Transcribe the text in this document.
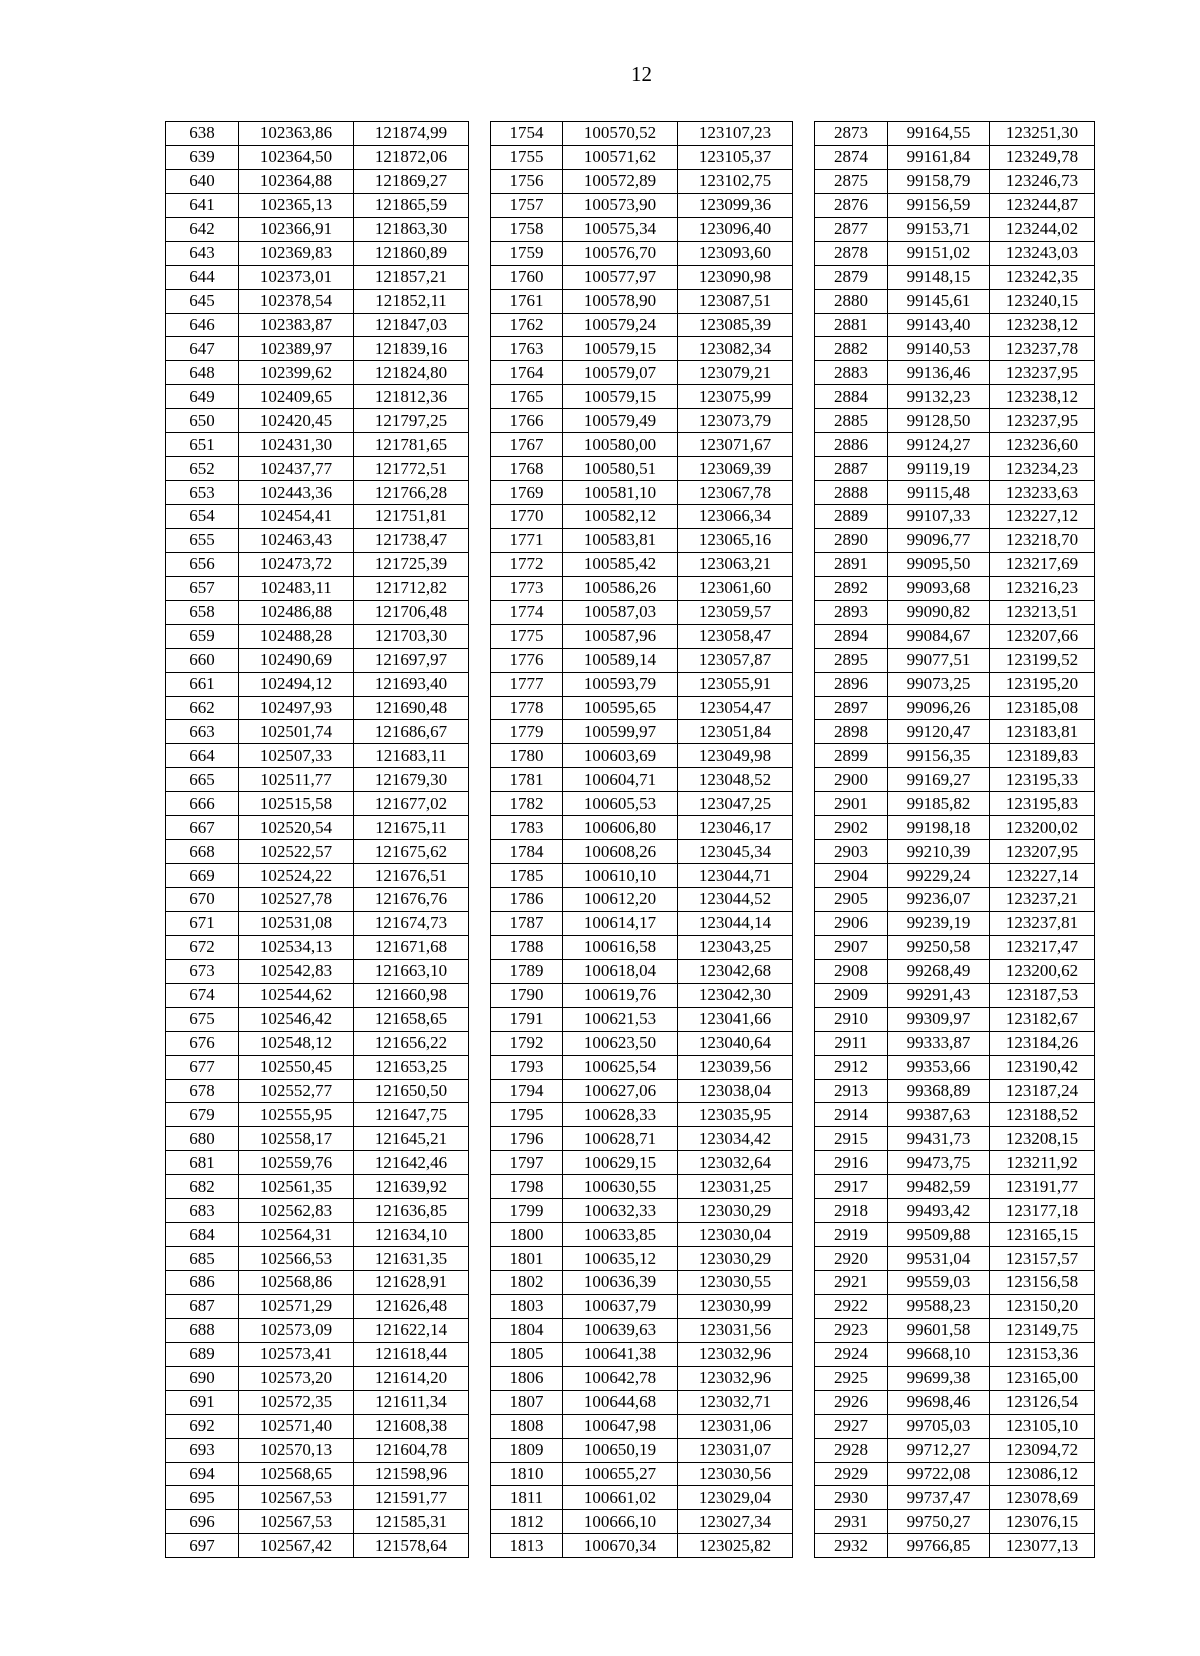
12
638	102363,86	121874,99		1754	100570,52	123107,23		2873	99164,55	123251,30
639	102364,50	121872,06		1755	100571,62	123105,37		2874	99161,84	123249,78
640	102364,88	121869,27		1756	100572,89	123102,75		2875	99158,79	123246,73
641	102365,13	121865,59		1757	100573,90	123099,36		2876	99156,59	123244,87
642	102366,91	121863,30		1758	100575,34	123096,40		2877	99153,71	123244,02
643	102369,83	121860,89		1759	100576,70	123093,60		2878	99151,02	123243,03
644	102373,01	121857,21		1760	100577,97	123090,98		2879	99148,15	123242,35
645	102378,54	121852,11		1761	100578,90	123087,51		2880	99145,61	123240,15
646	102383,87	121847,03		1762	100579,24	123085,39		2881	99143,40	123238,12
647	102389,97	121839,16		1763	100579,15	123082,34		2882	99140,53	123237,78
648	102399,62	121824,80		1764	100579,07	123079,21		2883	99136,46	123237,95
649	102409,65	121812,36		1765	100579,15	123075,99		2884	99132,23	123238,12
650	102420,45	121797,25		1766	100579,49	123073,79		2885	99128,50	123237,95
651	102431,30	121781,65		1767	100580,00	123071,67		2886	99124,27	123236,60
652	102437,77	121772,51		1768	100580,51	123069,39		2887	99119,19	123234,23
653	102443,36	121766,28		1769	100581,10	123067,78		2888	99115,48	123233,63
654	102454,41	121751,81		1770	100582,12	123066,34		2889	99107,33	123227,12
655	102463,43	121738,47		1771	100583,81	123065,16		2890	99096,77	123218,70
656	102473,72	121725,39		1772	100585,42	123063,21		2891	99095,50	123217,69
657	102483,11	121712,82		1773	100586,26	123061,60		2892	99093,68	123216,23
658	102486,88	121706,48		1774	100587,03	123059,57		2893	99090,82	123213,51
659	102488,28	121703,30		1775	100587,96	123058,47		2894	99084,67	123207,66
660	102490,69	121697,97		1776	100589,14	123057,87		2895	99077,51	123199,52
661	102494,12	121693,40		1777	100593,79	123055,91		2896	99073,25	123195,20
662	102497,93	121690,48		1778	100595,65	123054,47		2897	99096,26	123185,08
663	102501,74	121686,67		1779	100599,97	123051,84		2898	99120,47	123183,81
664	102507,33	121683,11		1780	100603,69	123049,98		2899	99156,35	123189,83
665	102511,77	121679,30		1781	100604,71	123048,52		2900	99169,27	123195,33
666	102515,58	121677,02		1782	100605,53	123047,25		2901	99185,82	123195,83
667	102520,54	121675,11		1783	100606,80	123046,17		2902	99198,18	123200,02
668	102522,57	121675,62		1784	100608,26	123045,34		2903	99210,39	123207,95
669	102524,22	121676,51		1785	100610,10	123044,71		2904	99229,24	123227,14
670	102527,78	121676,76		1786	100612,20	123044,52		2905	99236,07	123237,21
671	102531,08	121674,73		1787	100614,17	123044,14		2906	99239,19	123237,81
672	102534,13	121671,68		1788	100616,58	123043,25		2907	99250,58	123217,47
673	102542,83	121663,10		1789	100618,04	123042,68		2908	99268,49	123200,62
674	102544,62	121660,98		1790	100619,76	123042,30		2909	99291,43	123187,53
675	102546,42	121658,65		1791	100621,53	123041,66		2910	99309,97	123182,67
676	102548,12	121656,22		1792	100623,50	123040,64		2911	99333,87	123184,26
677	102550,45	121653,25		1793	100625,54	123039,56		2912	99353,66	123190,42
678	102552,77	121650,50		1794	100627,06	123038,04		2913	99368,89	123187,24
679	102555,95	121647,75		1795	100628,33	123035,95		2914	99387,63	123188,52
680	102558,17	121645,21		1796	100628,71	123034,42		2915	99431,73	123208,15
681	102559,76	121642,46		1797	100629,15	123032,64		2916	99473,75	123211,92
682	102561,35	121639,92		1798	100630,55	123031,25		2917	99482,59	123191,77
683	102562,83	121636,85		1799	100632,33	123030,29		2918	99493,42	123177,18
684	102564,31	121634,10		1800	100633,85	123030,04		2919	99509,88	123165,15
685	102566,53	121631,35		1801	100635,12	123030,29		2920	99531,04	123157,57
686	102568,86	121628,91		1802	100636,39	123030,55		2921	99559,03	123156,58
687	102571,29	121626,48		1803	100637,79	123030,99		2922	99588,23	123150,20
688	102573,09	121622,14		1804	100639,63	123031,56		2923	99601,58	123149,75
689	102573,41	121618,44		1805	100641,38	123032,96		2924	99668,10	123153,36
690	102573,20	121614,20		1806	100642,78	123032,96		2925	99699,38	123165,00
691	102572,35	121611,34		1807	100644,68	123032,71		2926	99698,46	123126,54
692	102571,40	121608,38		1808	100647,98	123031,06		2927	99705,03	123105,10
693	102570,13	121604,78		1809	100650,19	123031,07		2928	99712,27	123094,72
694	102568,65	121598,96		1810	100655,27	123030,56		2929	99722,08	123086,12
695	102567,53	121591,77		1811	100661,02	123029,04		2930	99737,47	123078,69
696	102567,53	121585,31		1812	100666,10	123027,34		2931	99750,27	123076,15
697	102567,42	121578,64		1813	100670,34	123025,82		2932	99766,85	123077,13
